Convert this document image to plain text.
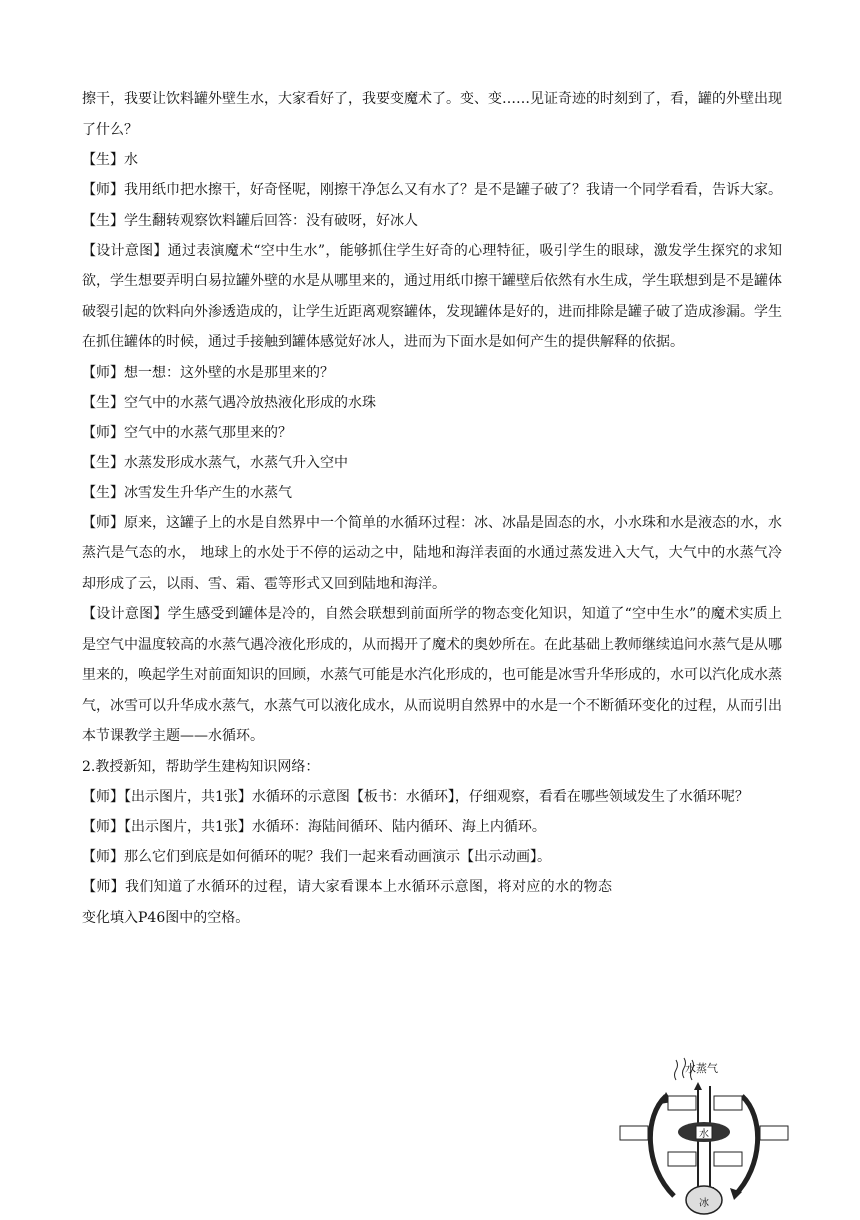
擦干，我要让饮料罐外壁生水，大家看好了，我要变魔术了。变、变……见证奇迹的时刻到了，看，罐的外壁出现了什么？
【生】水
【师】我用纸巾把水擦干，好奇怪呢，刚擦干净怎么又有水了？是不是罐子破了？我请一个同学看看，告诉大家。
【生】学生翻转观察饮料罐后回答：没有破呀，好冰人
【设计意图】通过表演魔术“空中生水”，能够抓住学生好奇的心理特征，吸引学生的眼球，激发学生探究的求知欲，学生想要弄明白易拉罐外壁的水是从哪里来的，通过用纸巾擦干罐壁后依然有水生成，学生联想到是不是罐体破裂引起的饮料向外渗透造成的，让学生近距离观察罐体，发现罐体是好的，进而排除是罐子破了造成渗漏。学生在抓住罐体的时候，通过手接触到罐体感觉好冰人，进而为下面水是如何产生的提供解释的依据。
【师】想一想：这外壁的水是那里来的？
【生】空气中的水蒸气遇冷放热液化形成的水珠
【师】空气中的水蒸气那里来的？
【生】水蒸发形成水蒸气，水蒸气升入空中
【生】冰雪发生升华产生的水蒸气
【师】原来，这罐子上的水是自然界中一个简单的水循环过程：冰、冰晶是固态的水，小水珠和水是液态的水，水蒸汽是气态的水， 地球上的水处于不停的运动之中，陆地和海洋表面的水通过蒸发进入大气，大气中的水蒸气冷却形成了云，以雨、雪、霜、雹等形式又回到陆地和海洋。
【设计意图】学生感受到罐体是冷的，自然会联想到前面所学的物态变化知识，知道了“空中生水”的魔术实质上是空气中温度较高的水蒸气遇冷液化形成的，从而揭开了魔术的奥妙所在。在此基础上教师继续追问水蒸气是从哪里来的，唤起学生对前面知识的回顾，水蒸气可能是水汽化形成的，也可能是冰雪升华形成的，水可以汽化成水蒸气，冰雪可以升华成水蒸气，水蒸气可以液化成水，从而说明自然界中的水是一个不断循环变化的过程，从而引出本节课教学主题——水循环。
2.教授新知，帮助学生建构知识网络：
【师】【出示图片，共1张】水循环的示意图【板书：水循环】，仔细观察，看看在哪些领域发生了水循环呢？
【师】【出示图片，共1张】水循环：海陆间循环、陆内循环、海上内循环。
【师】那么它们到底是如何循环的呢？我们一起来看动画演示【出示动画】。
【师】我们知道了水循环的过程，请大家看课本上水循环示意图，将对应的水的物态变化填入P46图中的空格。
水蒸气
水
冰
